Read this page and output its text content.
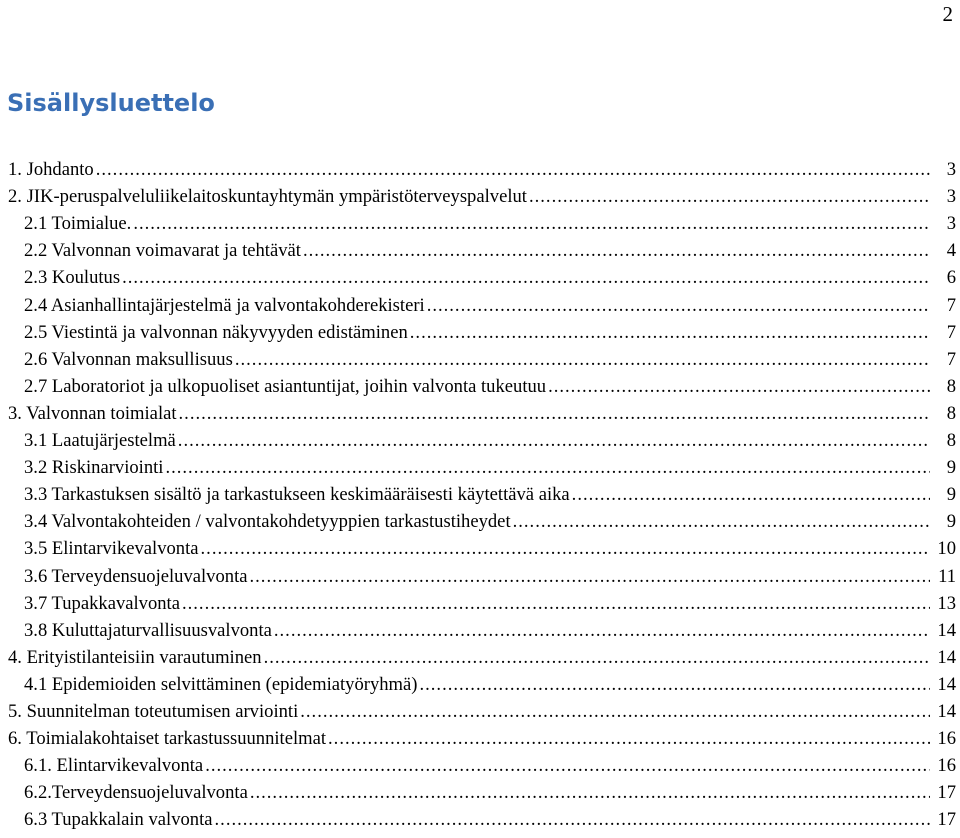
2
Sisällysluettelo
1. Johdanto .....	3
2. JIK-peruspalveluliikelaitoskuntayhtymän ympäristöterveyspalvelut .....	3
2.1 Toimialue. .....	3
2.2 Valvonnan voimavarat ja tehtävät .....	4
2.3 Koulutus .....	6
2.4 Asianhallintajärjestelmä ja valvontakohderekisteri .....	7
2.5 Viestintä ja valvonnan näkyvyyden edistäminen .....	7
2.6 Valvonnan maksullisuus .....	7
2.7 Laboratoriot ja ulkopuoliset asiantuntijat, joihin valvonta tukeutuu .....	8
3. Valvonnan toimialat .....	8
3.1 Laatujärjestelmä .....	8
3.2 Riskinarviointi .....	9
3.3 Tarkastuksen sisältö ja tarkastukseen keskimääräisesti käytettävä aika .....	9
3.4 Valvontakohteiden / valvontakohdetyyppien tarkastustiheydet .....	9
3.5 Elintarvikevalvonta .....	10
3.6 Terveydensuojeluvalvonta .....	11
3.7 Tupakkavalvonta .....	13
3.8 Kuluttajaturvallisuusvalvonta .....	14
4. Erityistilanteisiin varautuminen .....	14
4.1 Epidemioiden selvittäminen (epidemiatyöryhmä) .....	14
5. Suunnitelman toteutumisen arviointi .....	14
6. Toimialakohtaiset tarkastussuunnitelmat .....	16
6.1. Elintarvikevalvonta .....	16
6.2.Terveydensuojeluvalvonta .....	17
6.3 Tupakkalain valvonta .....	17
